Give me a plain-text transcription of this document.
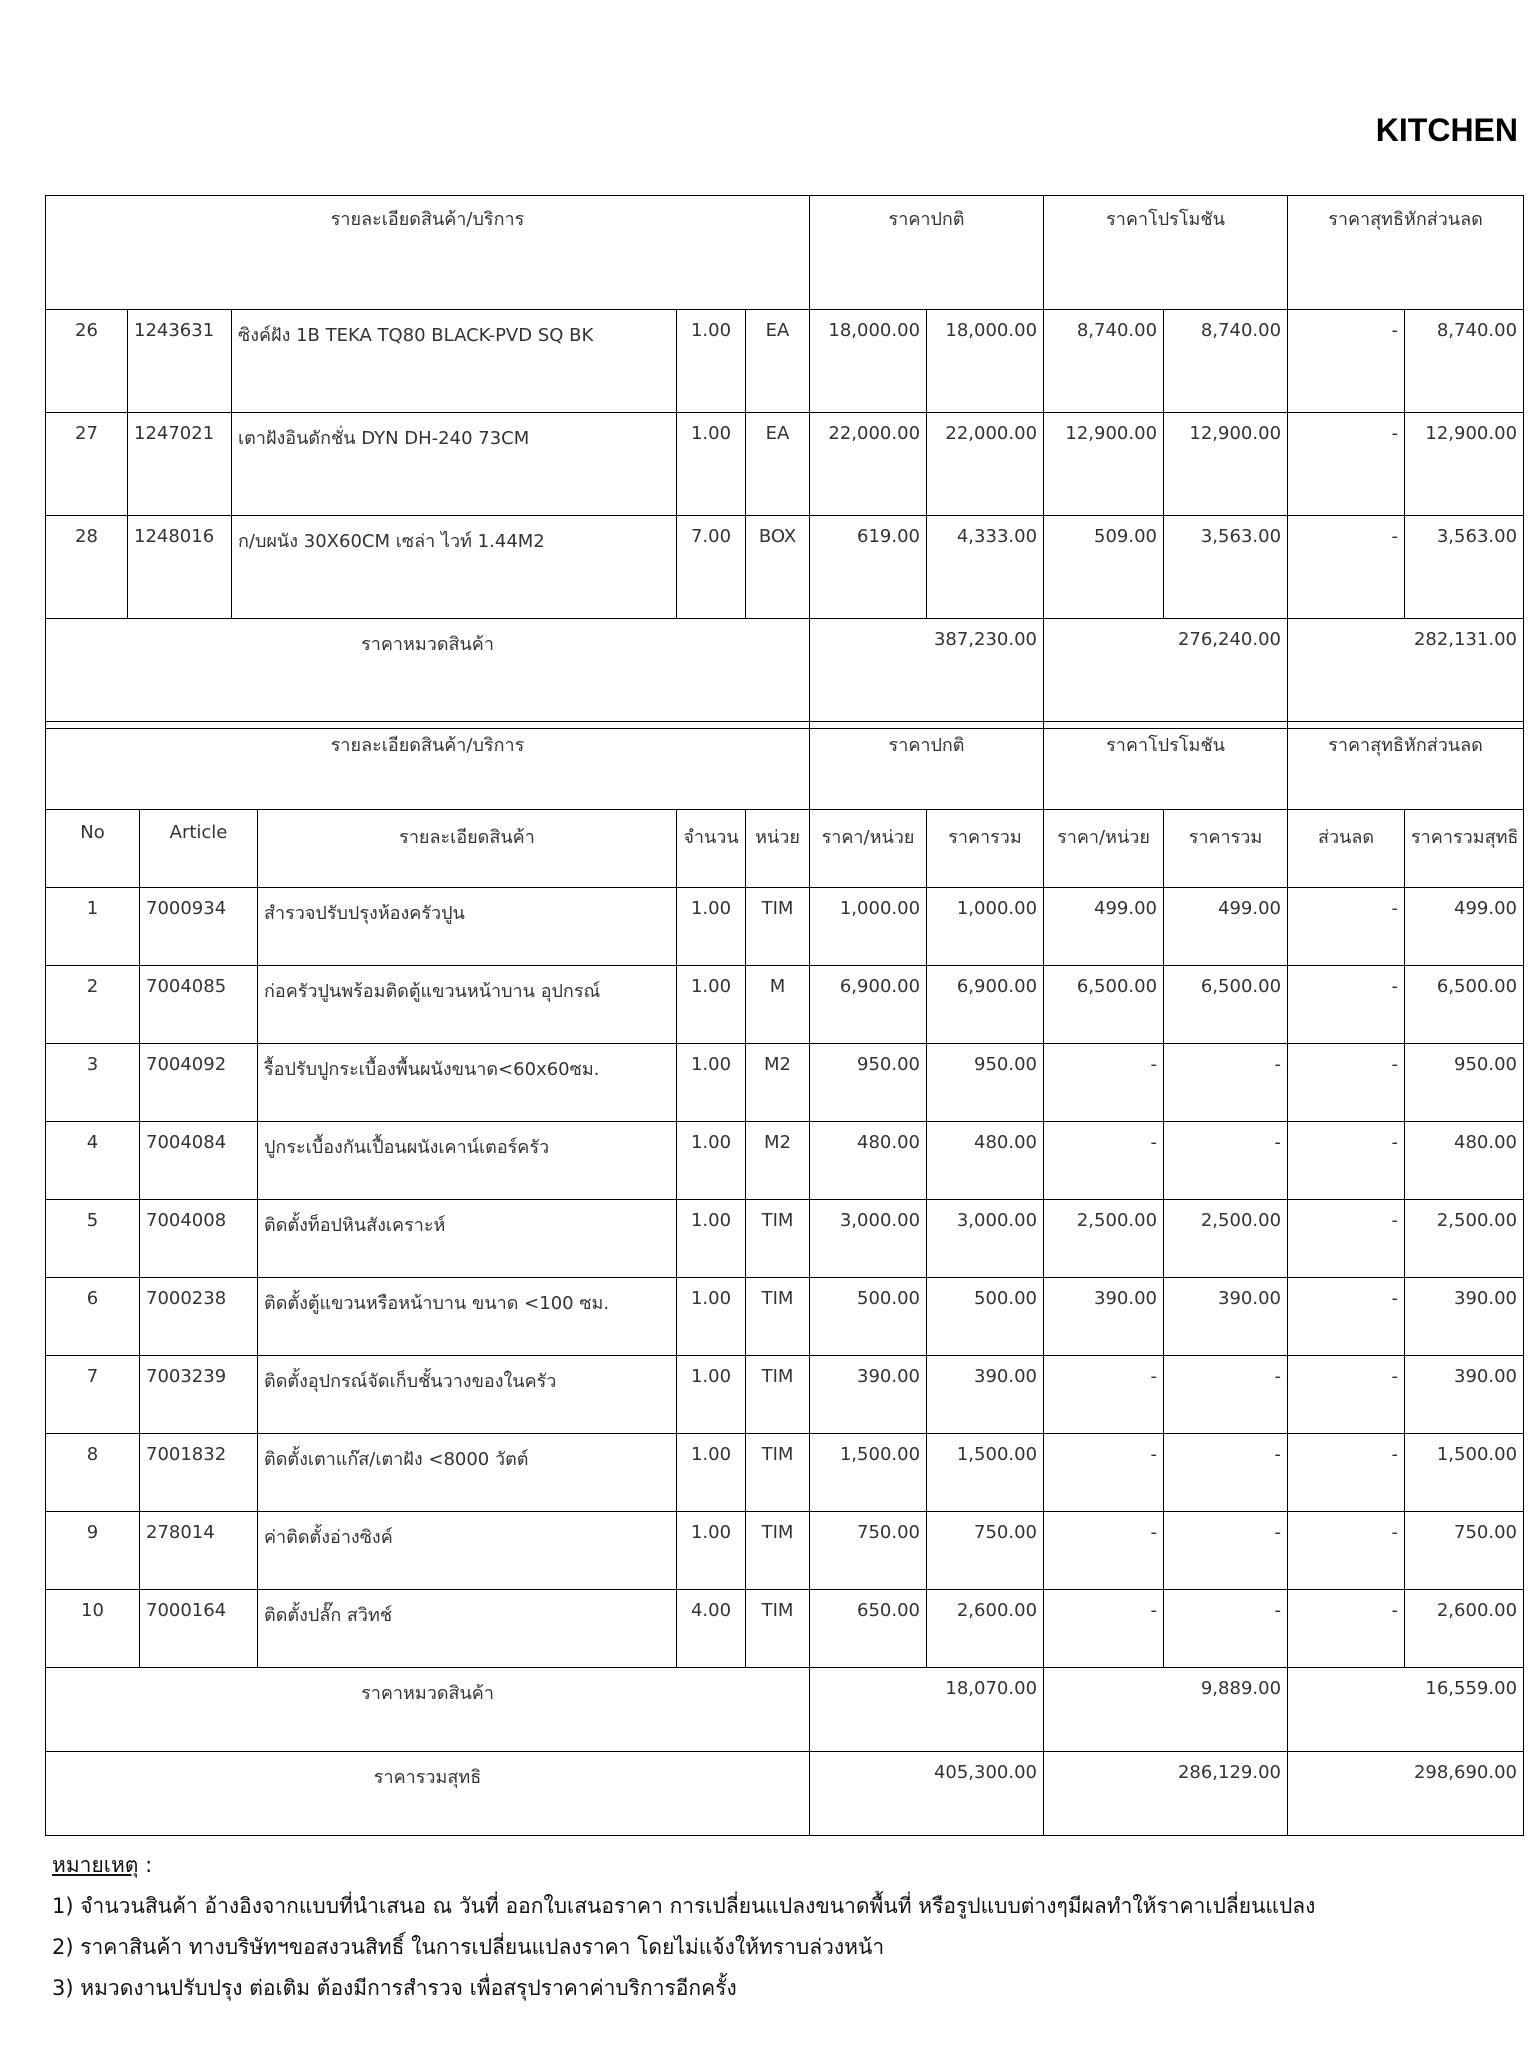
KITCHEN
รายละเอียดสินค้า/บริการ					ราคาปกติ		ราคาโปรโมชัน		ราคาสุทธิหักส่วนลด	
26	1243631	ซิงค์ฝัง 1B TEKA TQ80 BLACK-PVD SQ BK	1.00	EA	18,000.00	18,000.00	8,740.00	8,740.00	-	8,740.00
27	1247021	เตาฝังอินดักชั่น DYN DH-240 73CM	1.00	EA	22,000.00	22,000.00	12,900.00	12,900.00	-	12,900.00
28	1248016	ก/บผนัง 30X60CM เซล่า ไวท์ 1.44M2	7.00	BOX	619.00	4,333.00	509.00	3,563.00	-	3,563.00
ราคาหมวดสินค้า					387,230.00		276,240.00		282,131.00	
รายละเอียดสินค้า/บริการ					ราคาปกติ		ราคาโปรโมชัน		ราคาสุทธิหักส่วนลด	
No	Article	รายละเอียดสินค้า	จำนวน	หน่วย	ราคา/หน่วย	ราคารวม	ราคา/หน่วย	ราคารวม	ส่วนลด	ราคารวมสุทธิ
1	7000934	สำรวจปรับปรุงห้องครัวปูน	1.00	TIM	1,000.00	1,000.00	499.00	499.00	-	499.00
2	7004085	ก่อครัวปูนพร้อมติดตู้แขวนหน้าบาน อุปกรณ์	1.00	M	6,900.00	6,900.00	6,500.00	6,500.00	-	6,500.00
3	7004092	รื้อปรับปูกระเบื้องพื้นผนังขนาด<60x60ซม.	1.00	M2	950.00	950.00	-	-	-	950.00
4	7004084	ปูกระเบื้องกันเปื้อนผนังเคาน์เตอร์ครัว	1.00	M2	480.00	480.00	-	-	-	480.00
5	7004008	ติดตั้งท็อปหินสังเคราะห์	1.00	TIM	3,000.00	3,000.00	2,500.00	2,500.00	-	2,500.00
6	7000238	ติดตั้งตู้แขวนหรือหน้าบาน ขนาด <100 ซม.	1.00	TIM	500.00	500.00	390.00	390.00	-	390.00
7	7003239	ติดตั้งอุปกรณ์จัดเก็บชั้นวางของในครัว	1.00	TIM	390.00	390.00	-	-	-	390.00
8	7001832	ติดตั้งเตาแก๊ส/เตาฝัง <8000 วัตต์	1.00	TIM	1,500.00	1,500.00	-	-	-	1,500.00
9	278014	ค่าติดตั้งอ่างซิงค์	1.00	TIM	750.00	750.00	-	-	-	750.00
10	7000164	ติดตั้งปลั๊ก สวิทช์	4.00	TIM	650.00	2,600.00	-	-	-	2,600.00
ราคาหมวดสินค้า					18,070.00		9,889.00		16,559.00	
ราคารวมสุทธิ					405,300.00		286,129.00		298,690.00	
หมายเหตุ :
1) จำนวนสินค้า อ้างอิงจากแบบที่นำเสนอ ณ วันที่ ออกใบเสนอราคา การเปลี่ยนแปลงขนาดพื้นที่ หรือรูปแบบต่างๆมีผลทำให้ราคาเปลี่ยนแปลง
2) ราคาสินค้า ทางบริษัทฯขอสงวนสิทธิ์ ในการเปลี่ยนแปลงราคา โดยไม่แจ้งให้ทราบล่วงหน้า
3) หมวดงานปรับปรุง ต่อเติม ต้องมีการสำรวจ เพื่อสรุปราคาค่าบริการอีกครั้ง
